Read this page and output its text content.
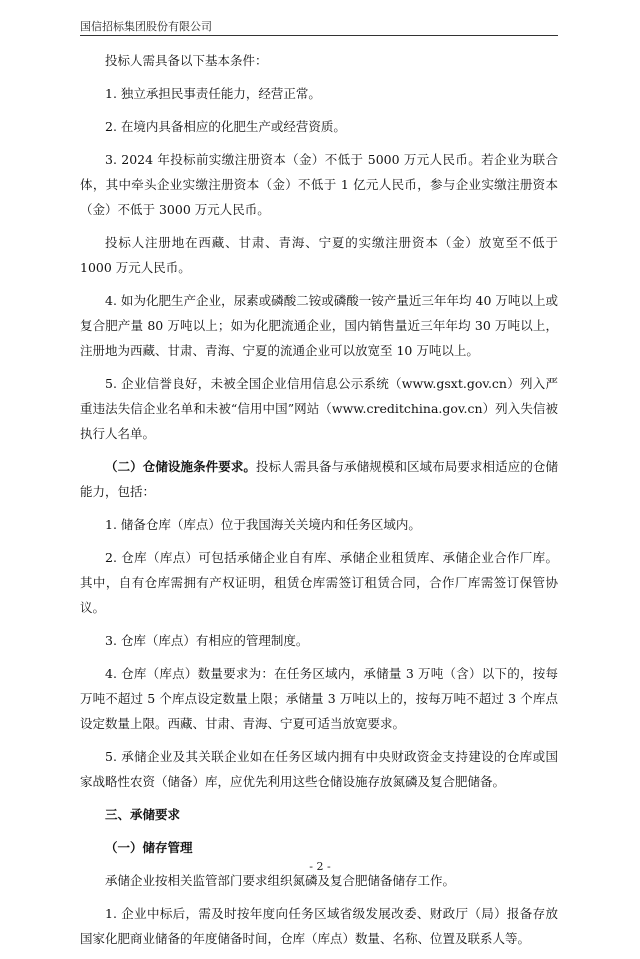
国信招标集团股份有限公司

投标人需具备以下基本条件：

1. 独立承担民事责任能力，经营正常。

2. 在境内具备相应的化肥生产或经营资质。

3. 2024 年投标前实缴注册资本（金）不低于 5000 万元人民币。若企业为联合体，其中牵头企业实缴注册资本（金）不低于 1 亿元人民币，参与企业实缴注册资本（金）不低于 3000 万元人民币。

投标人注册地在西藏、甘肃、青海、宁夏的实缴注册资本（金）放宽至不低于 1000 万元人民币。

4. 如为化肥生产企业，尿素或磷酸二铵或磷酸一铵产量近三年年均 40 万吨以上或复合肥产量 80 万吨以上；如为化肥流通企业，国内销售量近三年年均 30 万吨以上，注册地为西藏、甘肃、青海、宁夏的流通企业可以放宽至 10 万吨以上。

5. 企业信誉良好，未被全国企业信用信息公示系统（www.gsxt.gov.cn）列入严重违法失信企业名单和未被“信用中国”网站（www.creditchina.gov.cn）列入失信被执行人名单。

（二）仓储设施条件要求。投标人需具备与承储规模和区域布局要求相适应的仓储能力，包括：

1. 储备仓库（库点）位于我国海关关境内和任务区域内。

2. 仓库（库点）可包括承储企业自有库、承储企业租赁库、承储企业合作厂库。其中，自有仓库需拥有产权证明，租赁仓库需签订租赁合同，合作厂库需签订保管协议。

3. 仓库（库点）有相应的管理制度。

4. 仓库（库点）数量要求为：在任务区域内，承储量 3 万吨（含）以下的，按每万吨不超过 5 个库点设定数量上限；承储量 3 万吨以上的，按每万吨不超过 3 个库点设定数量上限。西藏、甘肃、青海、宁夏可适当放宽要求。

5. 承储企业及其关联企业如在任务区域内拥有中央财政资金支持建设的仓库或国家战略性农资（储备）库，应优先利用这些仓储设施存放氮磷及复合肥储备。

三、承储要求

（一）储存管理

承储企业按相关监管部门要求组织氮磷及复合肥储备储存工作。

1. 企业中标后，需及时按年度向任务区域省级发展改委、财政厅（局）报备存放国家化肥商业储备的年度储备时间，仓库（库点）数量、名称、位置及联系人等。

- 2 -
